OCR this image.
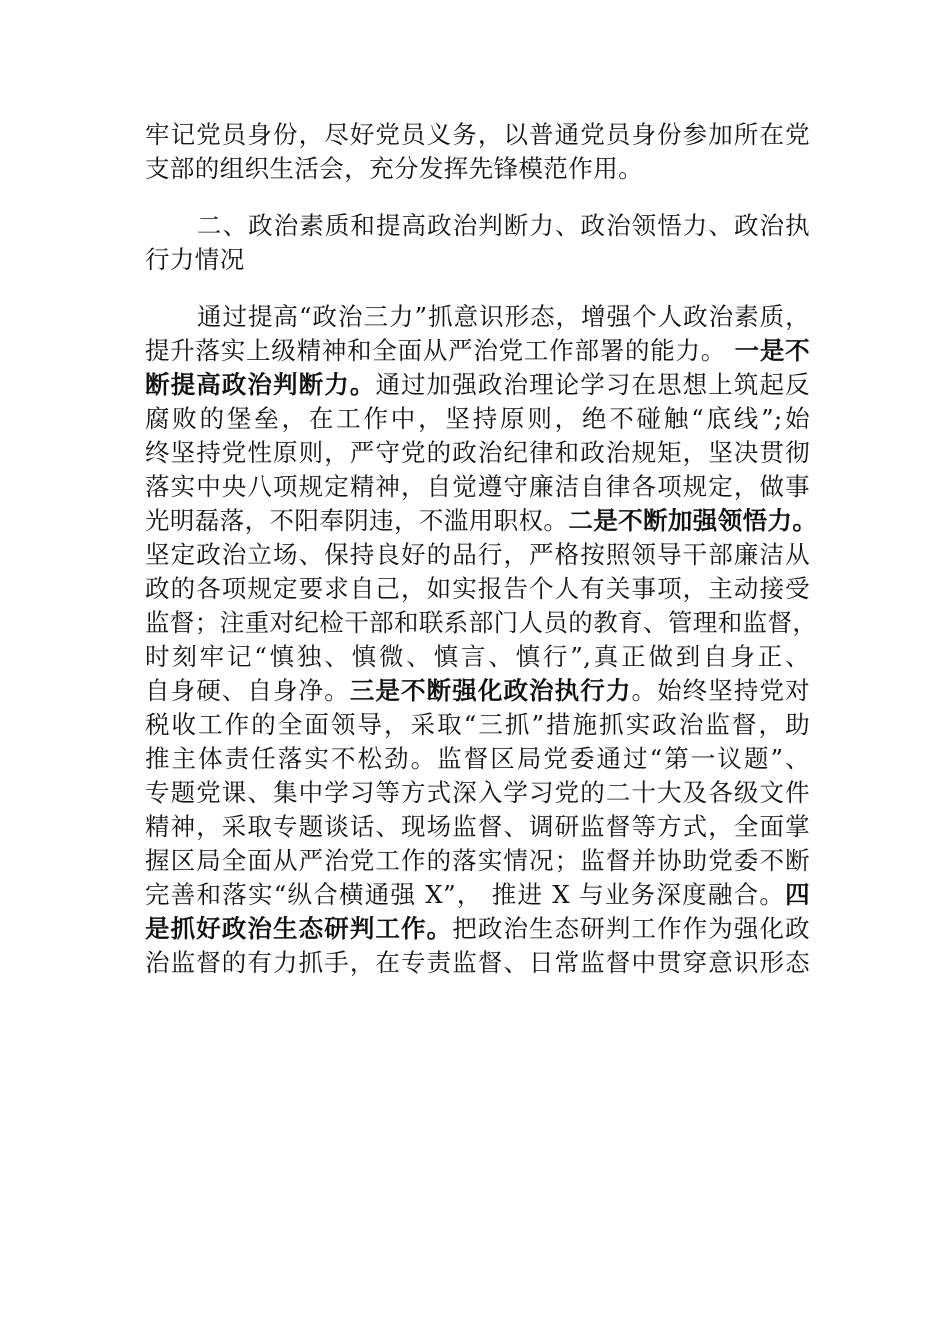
牢记党员身份，尽好党员义务，以普通党员身份参加所在党
支部的组织生活会，充分发挥先锋模范作用。
二、政治素质和提高政治判断力、政治领悟力、政治执
行力情况
通过提高“政治三力”抓意识形态，增强个人政治素质，
提升落实上级精神和全面从严治党工作部署的能力。 一是不
断提高政治判断力。通过加强政治理论学习在思想上筑起反
腐败的堡垒，在工作中，坚持原则，绝不碰触“底线”;始
终坚持党性原则，严守党的政治纪律和政治规矩，坚决贯彻
落实中央八项规定精神，自觉遵守廉洁自律各项规定，做事
光明磊落，不阳奉阴违，不滥用职权。二是不断加强领悟力。
坚定政治立场、保持良好的品行，严格按照领导干部廉洁从
政的各项规定要求自己，如实报告个人有关事项，主动接受
监督；注重对纪检干部和联系部门人员的教育、管理和监督，
时刻牢记“慎独、慎微、慎言、慎行”,真正做到自身正、
自身硬、自身净。三是不断强化政治执行力。始终坚持党对
税收工作的全面领导，采取“三抓”措施抓实政治监督，助
推主体责任落实不松劲。监督区局党委通过“第一议题”、
专题党课、集中学习等方式深入学习党的二十大及各级文件
精神，采取专题谈话、现场监督、调研监督等方式，全面掌
握区局全面从严治党工作的落实情况；监督并协助党委不断
完善和落实“纵合横通强 X”， 推进 X 与业务深度融合。四
是抓好政治生态研判工作。把政治生态研判工作作为强化政
治监督的有力抓手，在专责监督、日常监督中贯穿意识形态
